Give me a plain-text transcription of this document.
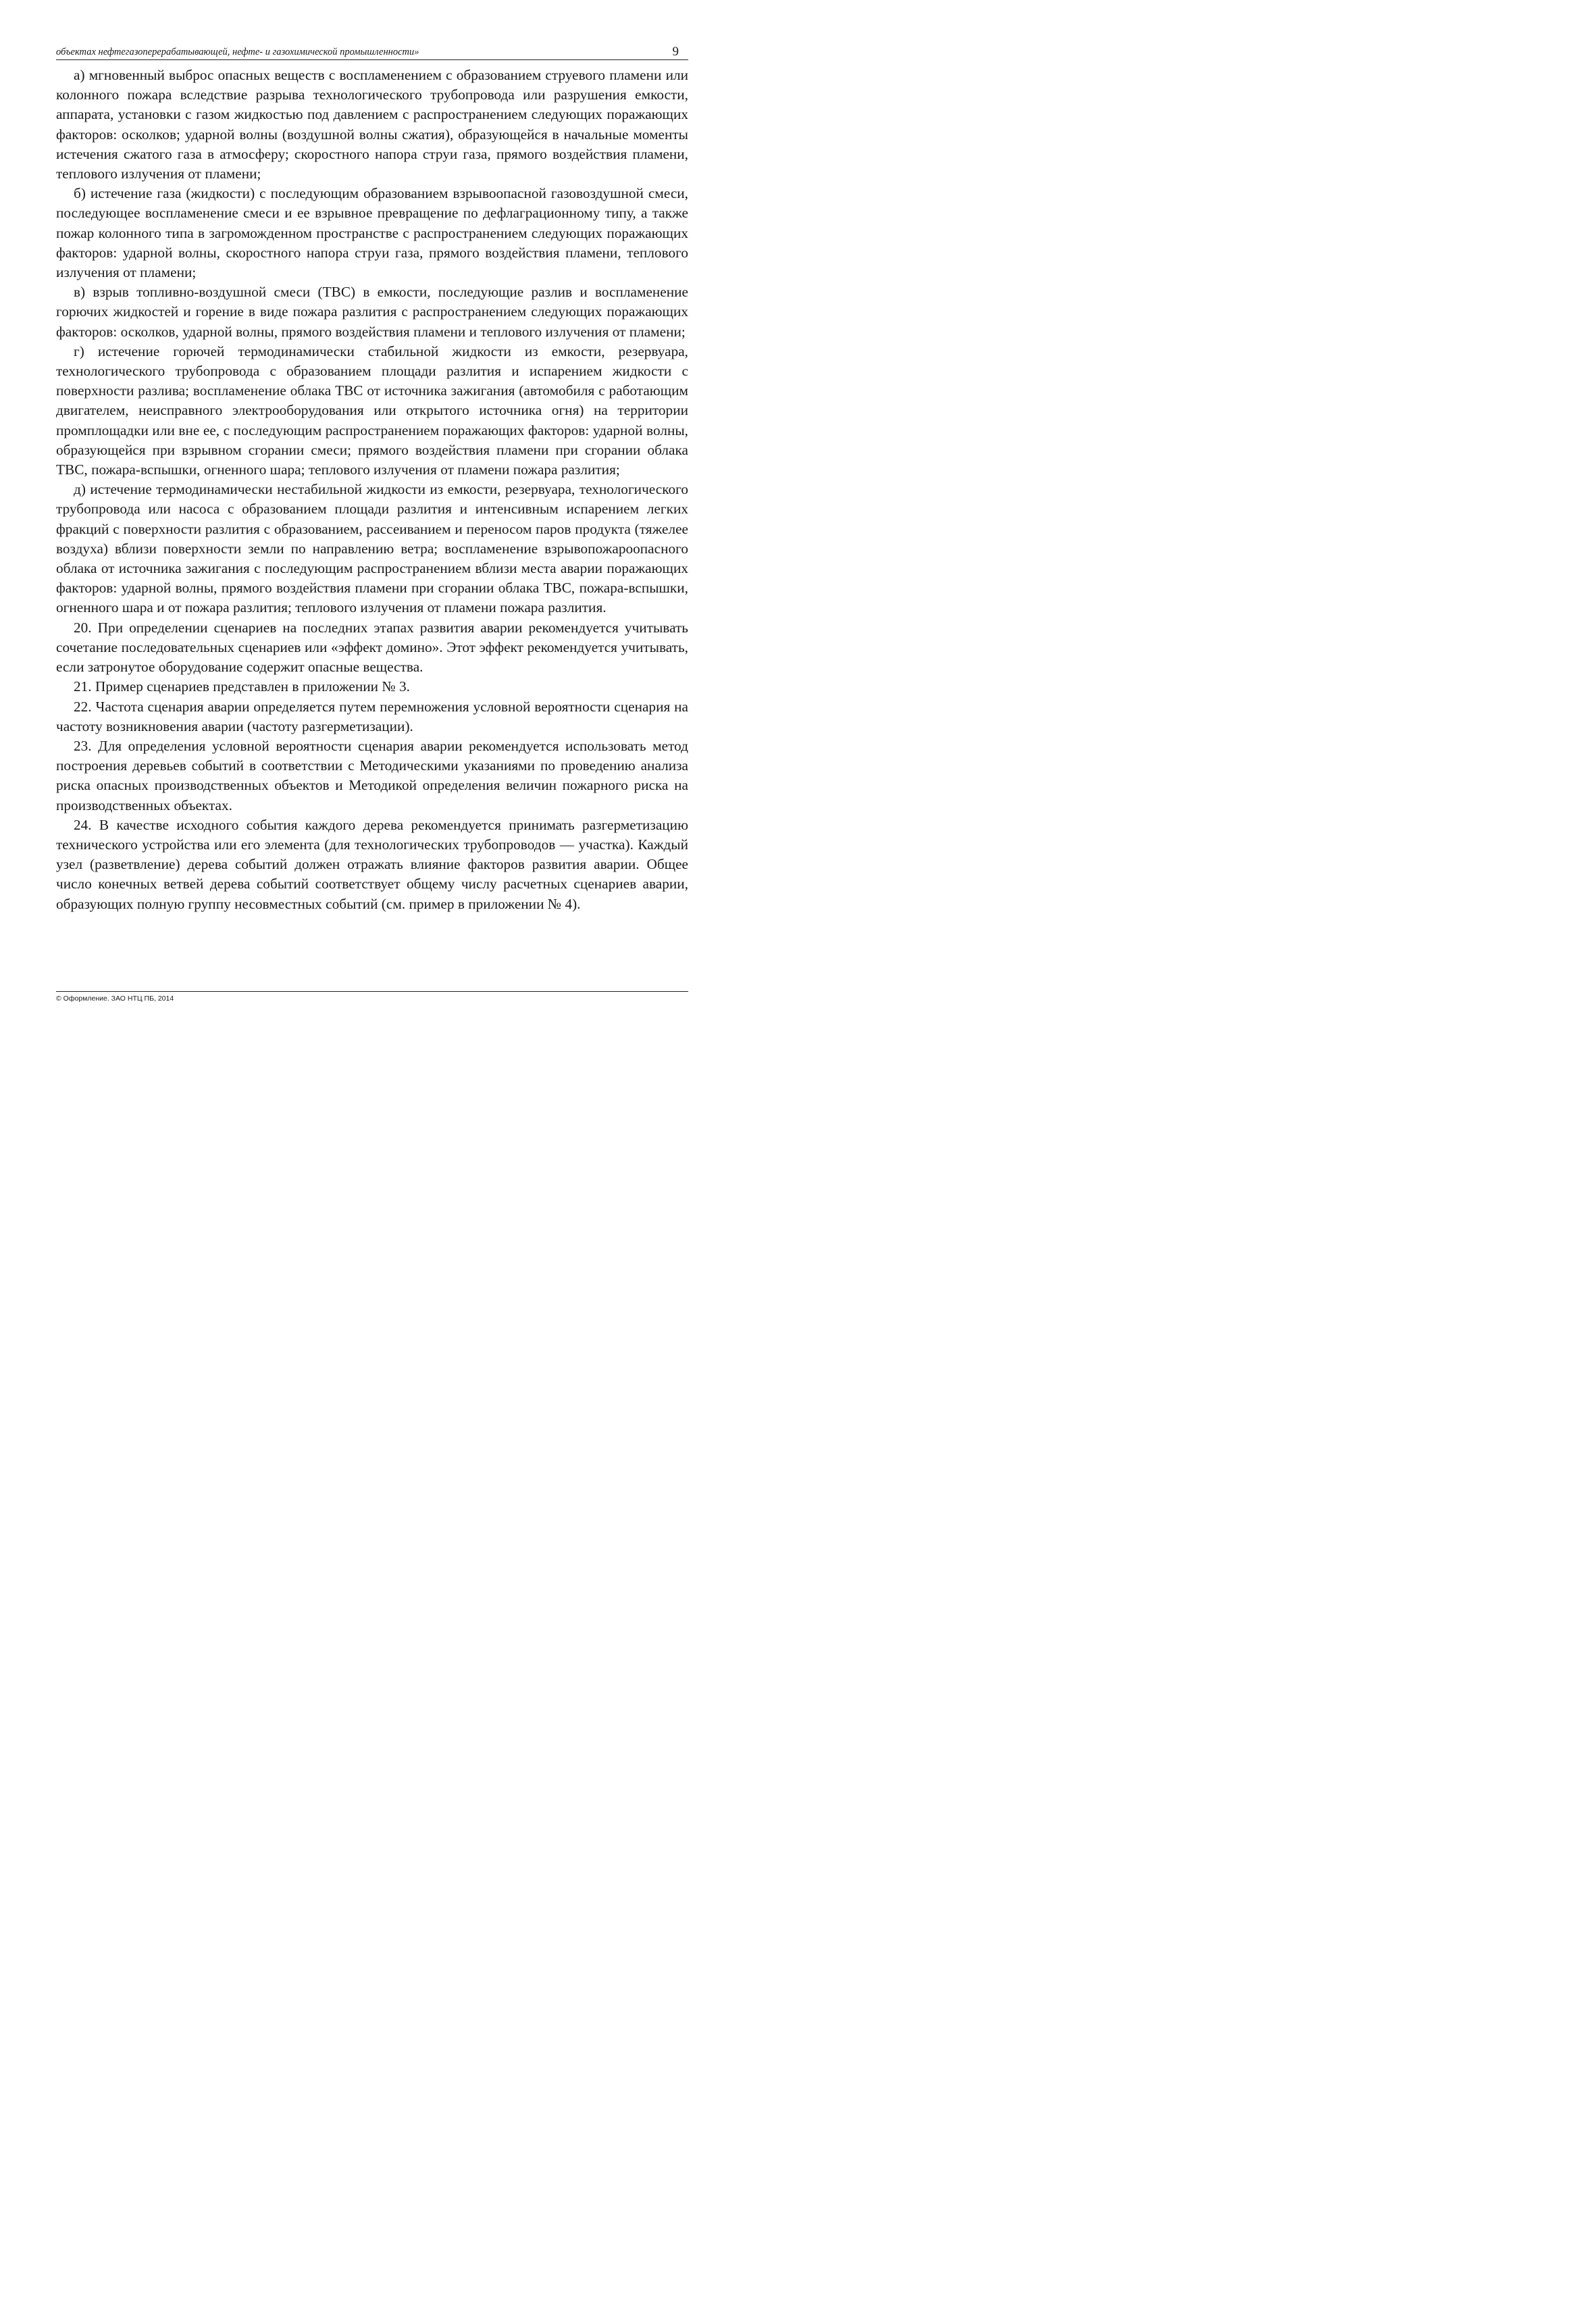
объектах нефтегазоперерабатывающей, нефте- и газохимической промышленности»	9

а) мгновенный выброс опасных веществ с воспламенением с образованием струевого пламени или колонного пожара вследствие разрыва технологического трубопровода или разрушения емкости, аппарата, установки с газом жидкостью под давлением с распространением следующих поражающих факторов: осколков; ударной волны (воздушной волны сжатия), образующейся в начальные моменты истечения сжатого газа в атмосферу; скоростного напора струи газа, прямого воздействия пламени, теплового излучения от пламени;

б) истечение газа (жидкости) с последующим образованием взрывоопасной газовоздушной смеси, последующее воспламенение смеси и ее взрывное превращение по дефлаграционному типу, а также пожар колонного типа в загроможденном пространстве с распространением следующих поражающих факторов: ударной волны, скоростного напора струи газа, прямого воздействия пламени, теплового излучения от пламени;

в) взрыв топливно-воздушной смеси (ТВС) в емкости, последующие разлив и воспламенение горючих жидкостей и горение в виде пожара разлития с распространением следующих поражающих факторов: осколков, ударной волны, прямого воздействия пламени и теплового излучения от пламени;

г) истечение горючей термодинамически стабильной жидкости из емкости, резервуара, технологического трубопровода с образованием площади разлития и испарением жидкости с поверхности разлива; воспламенение облака ТВС от источника зажигания (автомобиля с работающим двигателем, неисправного электрооборудования или открытого источника огня) на территории промплощадки или вне ее, с последующим распространением поражающих факторов: ударной волны, образующейся при взрывном сгорании смеси; прямого воздействия пламени при сгорании облака ТВС, пожара-вспышки, огненного шара; теплового излучения от пламени пожара разлития;

д) истечение термодинамически нестабильной жидкости из емкости, резервуара, технологического трубопровода или насоса с образованием площади разлития и интенсивным испарением легких фракций с поверхности разлития с образованием, рассеиванием и переносом паров продукта (тяжелее воздуха) вблизи поверхности земли по направлению ветра; воспламенение взрывопожароопасного облака от источника зажигания с последующим распространением вблизи места аварии поражающих факторов: ударной волны, прямого воздействия пламени при сгорании облака ТВС, пожара-вспышки, огненного шара и от пожара разлития; теплового излучения от пламени пожара разлития.

20. При определении сценариев на последних этапах развития аварии рекомендуется учитывать сочетание последовательных сценариев или «эффект домино». Этот эффект рекомендуется учитывать, если затронутое оборудование содержит опасные вещества.

21. Пример сценариев представлен в приложении № 3.

22. Частота сценария аварии определяется путем перемножения условной вероятности сценария на частоту возникновения аварии (частоту разгерметизации).

23. Для определения условной вероятности сценария аварии рекомендуется использовать метод построения деревьев событий в соответствии с Методическими указаниями по проведению анализа риска опасных производственных объектов и Методикой определения величин пожарного риска на производственных объектах.

24. В качестве исходного события каждого дерева рекомендуется принимать разгерметизацию технического устройства или его элемента (для технологических трубопроводов — участка). Каждый узел (разветвление) дерева событий должен отражать влияние факторов развития аварии. Общее число конечных ветвей дерева событий соответствует общему числу расчетных сценариев аварии, образующих полную группу несовместных событий (см. пример в приложении № 4).

© Оформление. ЗАО НТЦ ПБ, 2014
